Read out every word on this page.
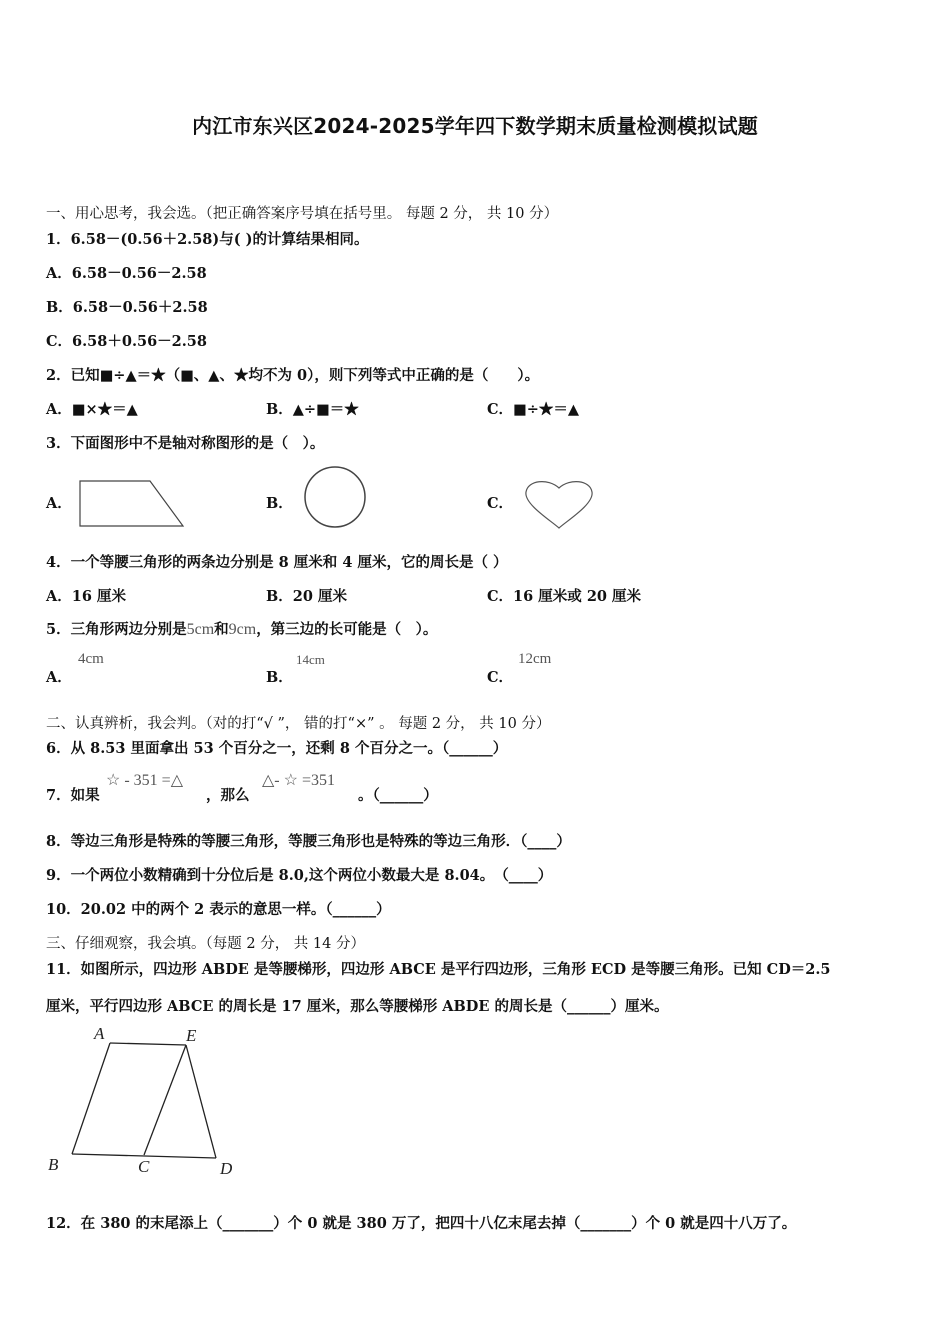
内江市东兴区2024-2025学年四下数学期末质量检测模拟试题
一、用心思考，我会选。（把正确答案序号填在括号里。 每题 2 分， 共 10 分）
1．6.58－(0.56＋2.58)与( )的计算结果相同。
A．6.58－0.56－2.58
B．6.58－0.56＋2.58
C．6.58＋0.56－2.58
2．已知■÷▲＝★（■、▲、★均不为 0），则下列等式中正确的是（　　）。
A．■×★＝▲	B．▲÷■＝★	C．■÷★＝▲
3．下面图形中不是轴对称图形的是（　）。
A．	B．	C．
4．一个等腰三角形的两条边分别是 8 厘米和 4 厘米，它的周长是（ ）
A．16 厘米	B．20 厘米	C．16 厘米或 20 厘米
5．三角形两边分别是5cm和9cm，第三边的长可能是（　）。
A．
4cm
B．
14cm
C．
12cm
二、认真辨析，我会判。（对的打“√ ”， 错的打“×” 。 每题 2 分， 共 10 分）
6．从 8.53 里面拿出 53 个百分之一，还剩 8 个百分之一。（______）
7．如果
☆ - 351 =△
，那么
△- ☆ =351
。（______）
8．等边三角形是特殊的等腰三角形，等腰三角形也是特殊的等边三角形．（____）
9．一个两位小数精确到十分位后是 8.0,这个两位小数最大是 8.04。　（____）
10．20.02 中的两个 2 表示的意思一样。（______）
三、仔细观察，我会填。（每题 2 分， 共 14 分）
11．如图所示，四边形 ABDE 是等腰梯形，四边形 ABCE 是平行四边形，三角形 ECD 是等腰三角形。已知 CD＝2.5
厘米，平行四边形 ABCE 的周长是 17 厘米，那么等腰梯形 ABDE 的周长是（______）厘米。
A	E
B	C	D
12．在 380 的末尾添上（_______）个 0 就是 380 万了，把四十八亿末尾去掉（_______）个 0 就是四十八万了。
